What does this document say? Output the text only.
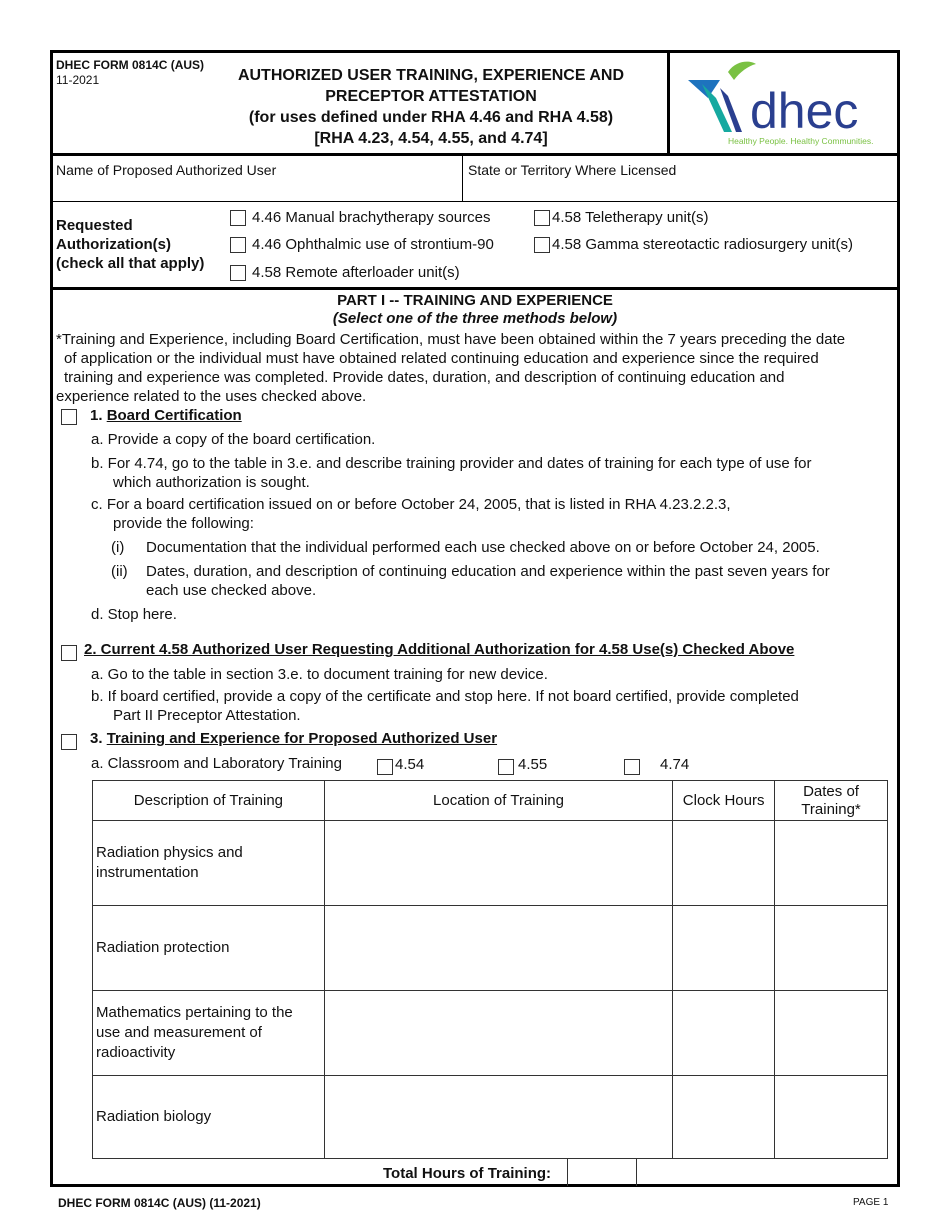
DHEC FORM 0814C (AUS)
11-2021	AUTHORIZED USER TRAINING, EXPERIENCE AND
PRECEPTOR ATTESTATION
(for uses defined under RHA 4.46 and RHA 4.58)
[RHA 4.23, 4.54, 4.55, and 4.74]	dhec
Healthy People. Healthy Communities.
Name of Proposed Authorized User	State or Territory Where Licensed
Requested
Authorization(s)
(check all that apply)
4.46 Manual brachytherapy sources
4.46 Ophthalmic use of strontium-90
4.58 Remote afterloader unit(s)
4.58 Teletherapy unit(s)
4.58 Gamma stereotactic radiosurgery unit(s)
PART I -- TRAINING AND EXPERIENCE
(Select one of the three methods below)
*Training and Experience, including Board Certification, must have been obtained within the 7 years preceding the date
of application or the individual must have obtained related continuing education and experience since the required
training and experience was completed. Provide dates, duration, and description of continuing education and
experience related to the uses checked above.
1. Board Certification
a. Provide a copy of the board certification.
b. For 4.74, go to the table in 3.e. and describe training provider and dates of training for each type of use for
which authorization is sought.
c. For a board certification issued on or before October 24, 2005, that is listed in RHA 4.23.2.2.3,
provide the following:
(i) Documentation that the individual performed each use checked above on or before October 24, 2005.
(ii) Dates, duration, and description of continuing education and experience within the past seven years for
each use checked above.
d. Stop here.
2. Current 4.58 Authorized User Requesting Additional Authorization for 4.58 Use(s) Checked Above
a. Go to the table in section 3.e. to document training for new device.
b. If board certified, provide a copy of the certificate and stop here. If not board certified, provide completed
Part II Preceptor Attestation.
3. Training and Experience for Proposed Authorized User
a. Classroom and Laboratory Training	4.54	4.55	4.74
Description of Training	Location of Training	Clock Hours	Dates of Training*
Radiation physics and instrumentation			
Radiation protection			
Mathematics pertaining to the use and measurement of radioactivity			
Radiation biology			
Total Hours of Training:
DHEC FORM 0814C (AUS) (11-2021)	PAGE 1
